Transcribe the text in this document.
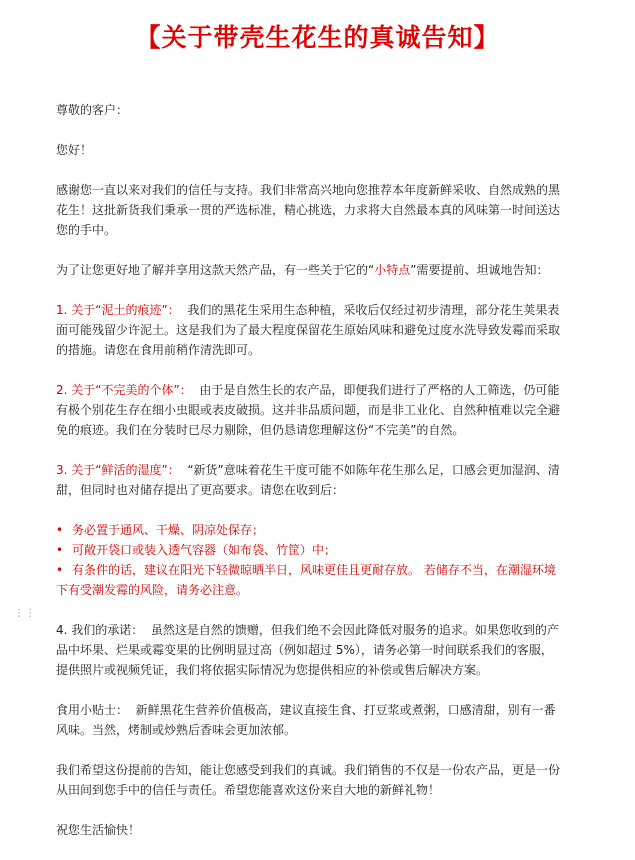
【关于带壳生花生的真诚告知】
⋮⋮

尊敬的客户：

您好！

感谢您一直以来对我们的信任与支持。我们非常高兴地向您推荐本年度新鲜采收、自然成熟的黑花生！这批新货我们秉承一贯的严选标准，精心挑选，力求将大自然最本真的风味第一时间送达您的手中。

为了让您更好地了解并享用这款天然产品，有一些关于它的“小特点”需要提前、坦诚地告知：

1. 关于“泥土的痕迹”： 我们的黑花生采用生态种植，采收后仅经过初步清理，部分花生荚果表面可能残留少许泥土。这是我们为了最大程度保留花生原始风味和避免过度水洗导致发霉而采取的措施。请您在食用前稍作清洗即可。

2. 关于“不完美的个体”： 由于是自然生长的农产品，即便我们进行了严格的人工筛选，仍可能有极个别花生存在细小虫眼或表皮破损。这并非品质问题，而是非工业化、自然种植难以完全避免的痕迹。我们在分装时已尽力剔除，但仍恳请您理解这份“不完美”的自然。

3. 关于“鲜活的湿度”： “新货”意味着花生干度可能不如陈年花生那么足，口感会更加湿润、清甜，但同时也对储存提出了更高要求。请您在收到后：

• 务必置于通风、干燥、阴凉处保存；
• 可敞开袋口或装入透气容器（如布袋、竹筐）中；

• 有条件的话，建议在阳光下轻微晾晒半日，风味更佳且更耐存放。 若储存不当，在潮湿环境下有受潮发霉的风险，请务必注意。

4. 我们的承诺： 虽然这是自然的馈赠，但我们绝不会因此降低对服务的追求。如果您收到的产品中坏果、烂果或霉变果的比例明显过高（例如超过 5%），请务必第一时间联系我们的客服，提供照片或视频凭证，我们将依据实际情况为您提供相应的补偿或售后解决方案。

食用小贴士： 新鲜黑花生营养价值极高，建议直接生食、打豆浆或煮粥，口感清甜，别有一番风味。当然，烤制或炒熟后香味会更加浓郁。

我们希望这份提前的告知，能让您感受到我们的真诚。我们销售的不仅是一份农产品，更是一份从田间到您手中的信任与责任。希望您能喜欢这份来自大地的新鲜礼物！

祝您生活愉快！
